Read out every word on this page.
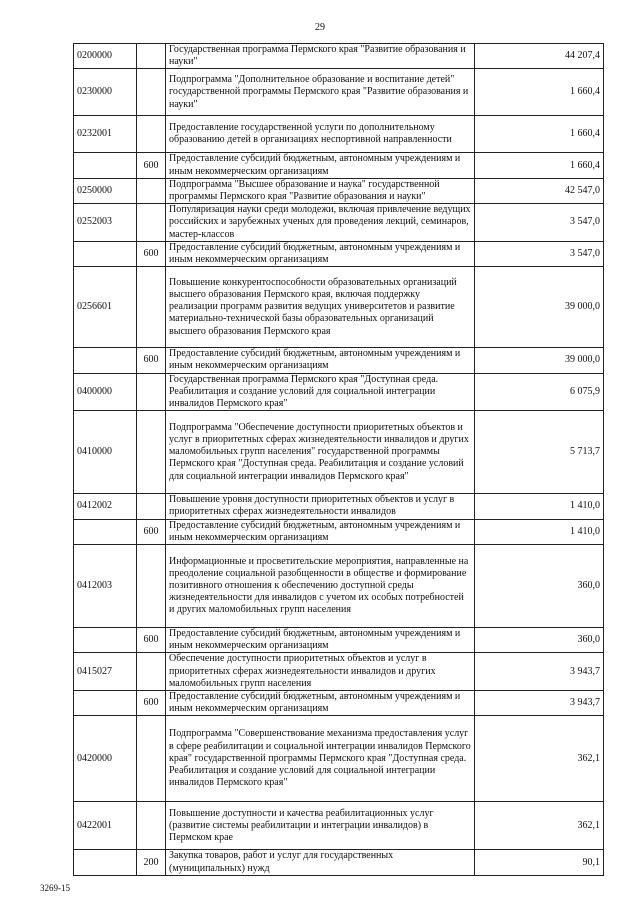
29
0200000		Государственная программа Пермского края "Развитие образования и науки"	44 207,4
0230000		Подпрограмма "Дополнительное образование и воспитание детей" государственной программы Пермского края "Развитие образования и науки"	1 660,4
0232001		Предоставление государственной услуги по дополнительному образованию детей в организациях неспортивной направленности	1 660,4
	600	Предоставление субсидий бюджетным, автономным учреждениям и иным некоммерческим организациям	1 660,4
0250000		Подпрограмма "Высшее образование и наука" государственной программы Пермского края "Развитие образования и науки"	42 547,0
0252003		Популяризация науки среди молодежи, включая привлечение ведущих российских и зарубежных ученых для проведения лекций, семинаров, мастер-классов	3 547,0
	600	Предоставление субсидий бюджетным, автономным учреждениям и иным некоммерческим организациям	3 547,0
0256601		Повышение конкурентоспособности образовательных организаций высшего образования Пермского края, включая поддержку реализации программ развития ведущих университетов и развитие материально-технической базы образовательных организаций высшего образования Пермского края	39 000,0
	600	Предоставление субсидий бюджетным, автономным учреждениям и иным некоммерческим организациям	39 000,0
0400000		Государственная программа Пермского края "Доступная среда. Реабилитация и создание условий для социальной интеграции инвалидов Пермского края"	6 075,9
0410000		Подпрограмма "Обеспечение доступности приоритетных объектов и услуг в приоритетных сферах жизнедеятельности инвалидов и других маломобильных групп населения" государственной программы Пермского края "Доступная среда. Реабилитация и создание условий для социальной интеграции инвалидов Пермского края"	5 713,7
0412002		Повышение уровня доступности приоритетных объектов и услуг в приоритетных сферах жизнедеятельности инвалидов	1 410,0
	600	Предоставление субсидий бюджетным, автономным учреждениям и иным некоммерческим организациям	1 410,0
0412003		Информационные и просветительские мероприятия, направленные на преодоление социальной разобщенности в обществе и формирование позитивного отношения к обеспечению доступной среды жизнедеятельности для инвалидов с учетом их особых потребностей и других маломобильных групп населения	360,0
	600	Предоставление субсидий бюджетным, автономным учреждениям и иным некоммерческим организациям	360,0
0415027		Обеспечение доступности приоритетных объектов и услуг в приоритетных сферах жизнедеятельности инвалидов и других маломобильных групп населения	3 943,7
	600	Предоставление субсидий бюджетным, автономным учреждениям и иным некоммерческим организациям	3 943,7
0420000		Подпрограмма "Совершенствование механизма предоставления услуг в сфере реабилитации и социальной интеграции инвалидов Пермского края" государственной программы Пермского края "Доступная среда. Реабилитация и создание условий для социальной интеграции инвалидов Пермского края"	362,1
0422001		Повышение доступности и качества реабилитационных услуг (развитие системы реабилитации и интеграции инвалидов) в Пермском крае	362,1
	200	Закупка товаров, работ и услуг для государственных (муниципальных) нужд	90,1
3269-15
